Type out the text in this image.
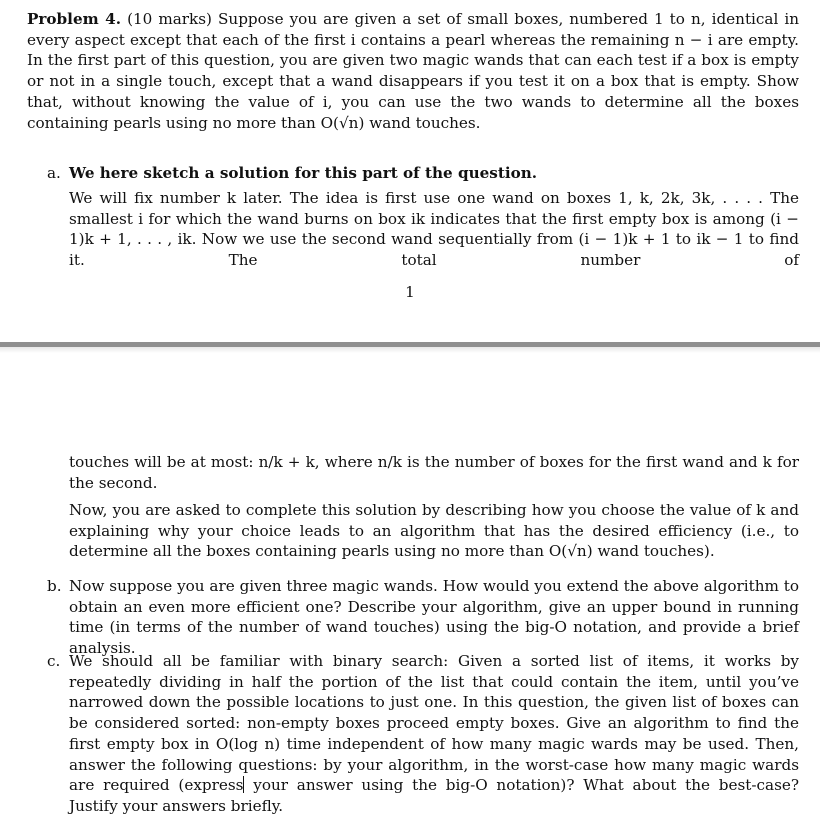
Problem 4. (10 marks) Suppose you are given a set of small boxes, numbered 1 to n, identical in every aspect except that each of the first i contains a pearl whereas the remaining n − i are empty. In the first part of this question, you are given two magic wands that can each test if a box is empty or not in a single touch, except that a wand disappears if you test it on a box that is empty. Show that, without knowing the value of i, you can use the two wands to determine all the boxes containing pearls using no more than O(√n) wand touches.

a. We here sketch a solution for this part of the question.

We will fix number k later. The idea is first use one wand on boxes 1, k, 2k, 3k, . . . . The smallest i for which the wand burns on box ik indicates that the first empty box is among (i − 1)k + 1, . . . , ik. Now we use the second wand sequentially from (i − 1)k + 1 to ik − 1 to find it. The total number of

1

touches will be at most: n/k + k, where n/k is the number of boxes for the first wand and k for the second.

Now, you are asked to complete this solution by describing how you choose the value of k and explaining why your choice leads to an algorithm that has the desired efficiency (i.e., to determine all the boxes containing pearls using no more than O(√n) wand touches).

b. Now suppose you are given three magic wands. How would you extend the above algorithm to obtain an even more efficient one? Describe your algorithm, give an upper bound in running time (in terms of the number of wand touches) using the big-O notation, and provide a brief analysis.

c. We should all be familiar with binary search: Given a sorted list of items, it works by repeatedly dividing in half the portion of the list that could contain the item, until you’ve narrowed down the possible locations to just one. In this question, the given list of boxes can be considered sorted: non-empty boxes proceed empty boxes. Give an algorithm to find the first empty box in O(log n) time independent of how many magic wards may be used. Then, answer the following questions: by your algorithm, in the worst-case how many magic wards are required (express your answer using the big-O notation)? What about the best-case? Justify your answers briefly.
